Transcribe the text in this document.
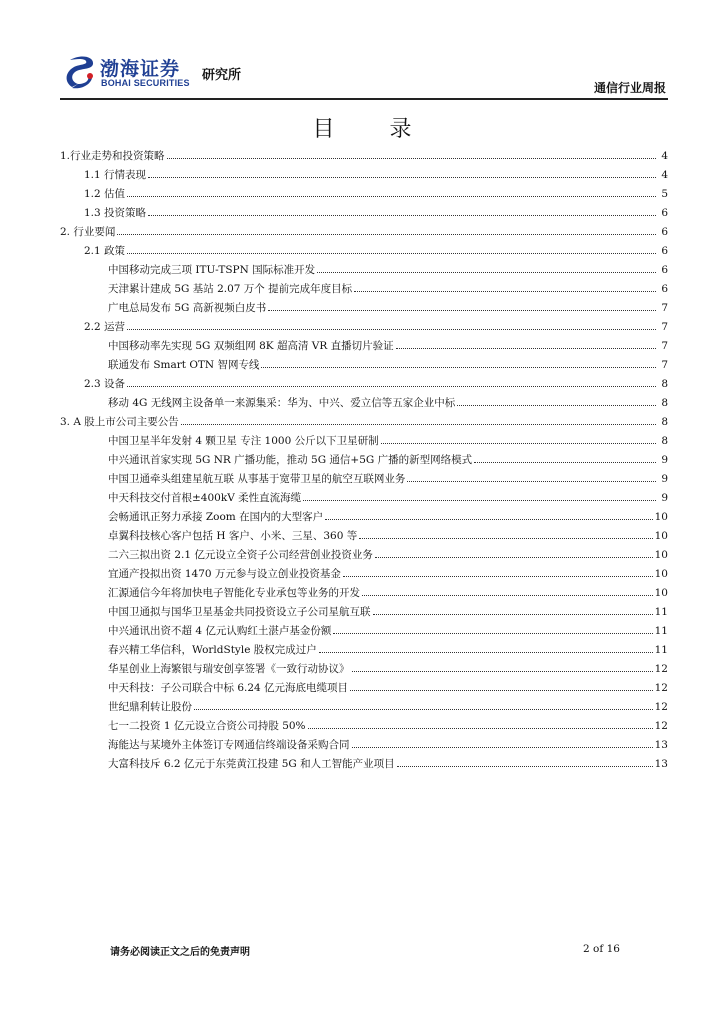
渤海证券
BOHAI SECURITIES 研究所
通信行业周报
目 录
1.行业走势和投资策略	4
1.1 行情表现	4
1.2 估值	5
1.3 投资策略	6
2. 行业要闻	6
2.1 政策	6
中国移动完成三项 ITU-TSPN 国际标准开发	6
天津累计建成 5G 基站 2.07 万个 提前完成年度目标	6
广电总局发布 5G 高新视频白皮书	7
2.2 运营	7
中国移动率先实现 5G 双频组网 8K 超高清 VR 直播切片验证	7
联通发布 Smart OTN 智网专线	7
2.3 设备	8
移动 4G 无线网主设备单一来源集采：华为、中兴、爱立信等五家企业中标	8
3. A 股上市公司主要公告	8
中国卫星半年发射 4 颗卫星 专注 1000 公斤以下卫星研制	8
中兴通讯首家实现 5G NR 广播功能，推动 5G 通信+5G 广播的新型网络模式	9
中国卫通牵头组建星航互联 从事基于宽带卫星的航空互联网业务	9
中天科技交付首根±400kV 柔性直流海缆	9
会畅通讯正努力承接 Zoom 在国内的大型客户	10
卓翼科技核心客户包括 H 客户、小米、三星、360 等	10
二六三拟出资 2.1 亿元设立全资子公司经营创业投资业务	10
宜通产投拟出资 1470 万元参与设立创业投资基金	10
汇源通信今年将加快电子智能化专业承包等业务的开发	10
中国卫通拟与国华卫星基金共同投资设立子公司星航互联	11
中兴通讯出资不超 4 亿元认购红土湛卢基金份额	11
春兴精工华信科，WorldStyle 股权完成过户	11
华星创业上海繁银与瑞安创享签署《一致行动协议》	12
中天科技：子公司联合中标 6.24 亿元海底电缆项目	12
世纪鼎利转让股份	12
七一二投资 1 亿元设立合资公司持股 50%	12
海能达与某境外主体签订专网通信终端设备采购合同	13
大富科技斥 6.2 亿元于东莞黄江投建 5G 和人工智能产业项目	13
请务必阅读正文之后的免责声明	2 of 16
